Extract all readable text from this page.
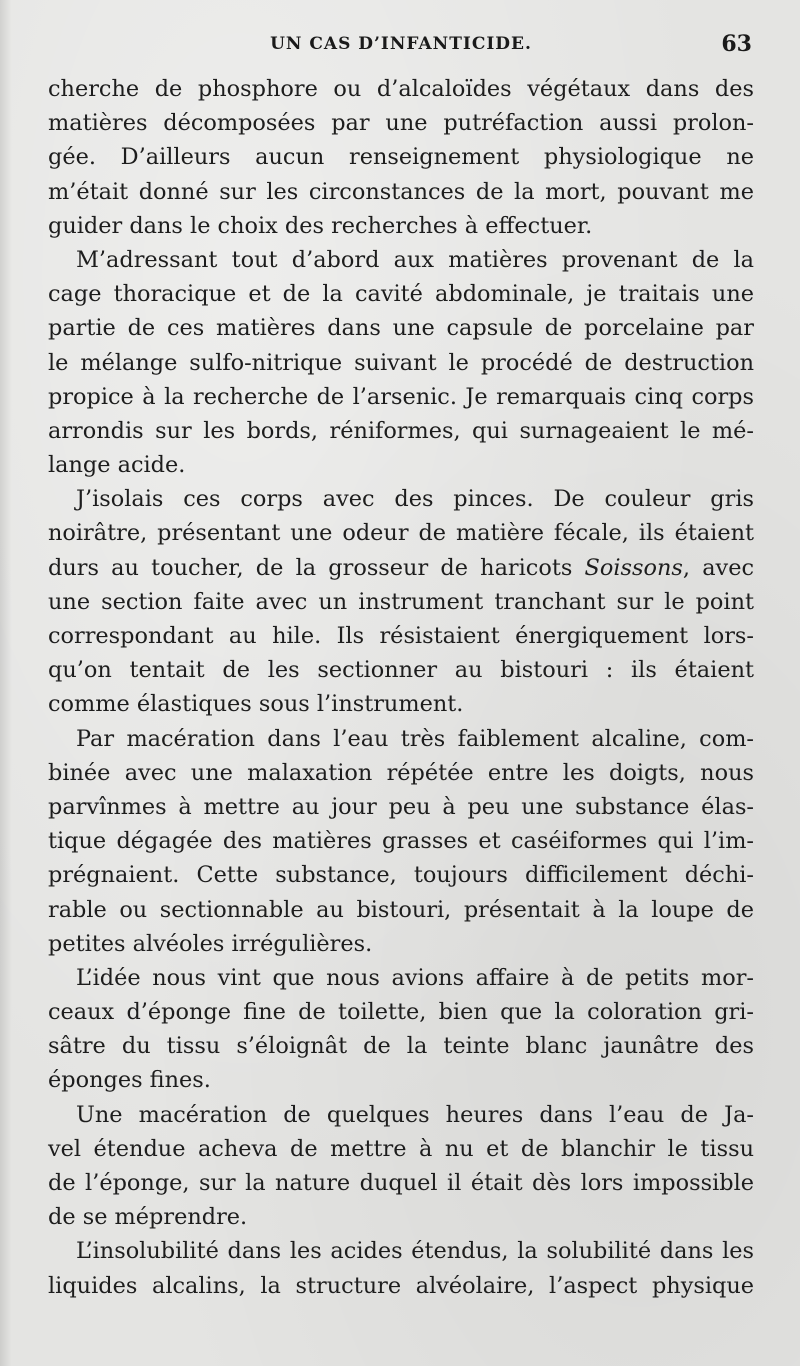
UN CAS D’INFANTICIDE.	63
cherche de phosphore ou d’alcaloïdes végétaux dans des
matières décomposées par une putréfaction aussi prolon-
gée. D’ailleurs aucun renseignement physiologique ne
m’était donné sur les circonstances de la mort, pouvant me
guider dans le choix des recherches à effectuer.
M’adressant tout d’abord aux matières provenant de la
cage thoracique et de la cavité abdominale, je traitais une
partie de ces matières dans une capsule de porcelaine par
le mélange sulfo-nitrique suivant le procédé de destruction
propice à la recherche de l’arsenic. Je remarquais cinq corps
arrondis sur les bords, réniformes, qui surnageaient le mé-
lange acide.
J’isolais ces corps avec des pinces. De couleur gris
noirâtre, présentant une odeur de matière fécale, ils étaient
durs au toucher, de la grosseur de haricots Soissons, avec
une section faite avec un instrument tranchant sur le point
correspondant au hile. Ils résistaient énergiquement lors-
qu’on tentait de les sectionner au bistouri : ils étaient
comme élastiques sous l’instrument.
Par macération dans l’eau très faiblement alcaline, com-
binée avec une malaxation répétée entre les doigts, nous
parvînmes à mettre au jour peu à peu une substance élas-
tique dégagée des matières grasses et caséiformes qui l’im-
prégnaient. Cette substance, toujours difficilement déchi-
rable ou sectionnable au bistouri, présentait à la loupe de
petites alvéoles irrégulières.
L’idée nous vint que nous avions affaire à de petits mor-
ceaux d’éponge fine de toilette, bien que la coloration gri-
sâtre du tissu s’éloignât de la teinte blanc jaunâtre des
éponges fines.
Une macération de quelques heures dans l’eau de Ja-
vel étendue acheva de mettre à nu et de blanchir le tissu
de l’éponge, sur la nature duquel il était dès lors impossible
de se méprendre.
L’insolubilité dans les acides étendus, la solubilité dans les
liquides alcalins, la structure alvéolaire, l’aspect physique
